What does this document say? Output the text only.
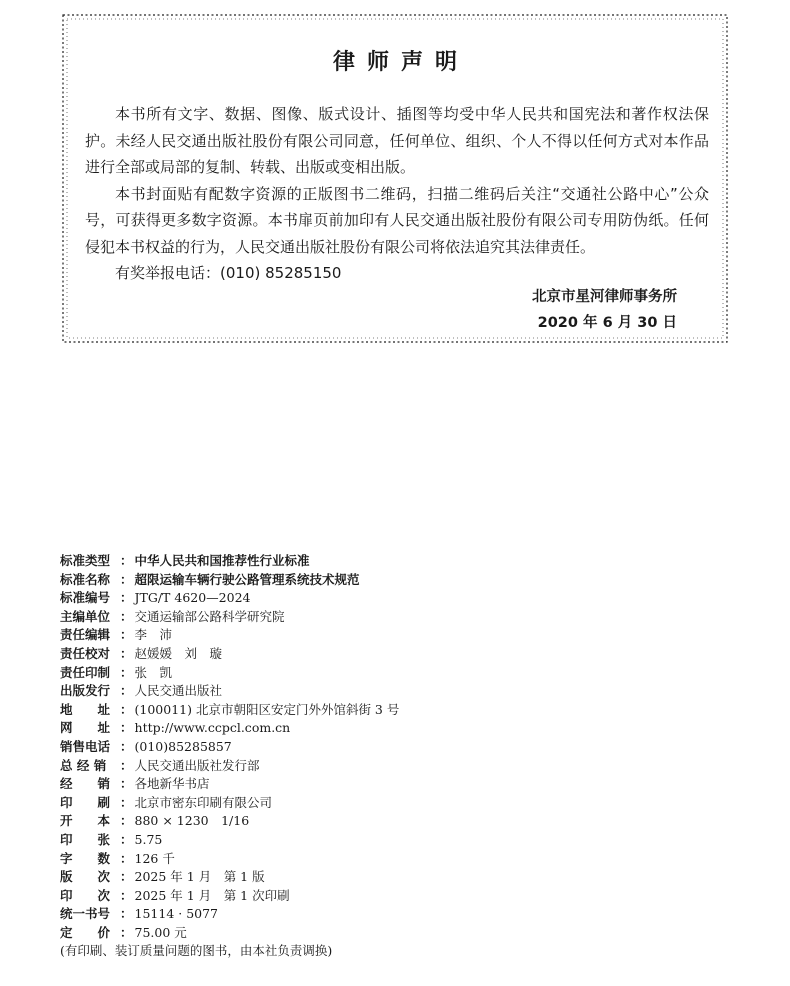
律师声明

本书所有文字、数据、图像、版式设计、插图等均受中华人民共和国宪法和著作权法保护。未经人民交通出版社股份有限公司同意，任何单位、组织、个人不得以任何方式对本作品进行全部或局部的复制、转载、出版或变相出版。

本书封面贴有配数字资源的正版图书二维码，扫描二维码后关注“交通社公路中心”公众号，可获得更多数字资源。本书扉页前加印有人民交通出版社股份有限公司专用防伪纸。任何侵犯本书权益的行为，人民交通出版社股份有限公司将依法追究其法律责任。

有奖举报电话：(010) 85285150

北京市星河律师事务所
2020 年 6 月 30 日
标准类型 ： 中华人民共和国推荐性行业标准
标准名称 ： 超限运输车辆行驶公路管理系统技术规范
标准编号 ： JTG/T 4620—2024
主编单位 ： 交通运输部公路科学研究院
责任编辑 ： 李　沛
责任校对 ： 赵媛媛　刘　璇
责任印制 ： 张　凯
出版发行 ： 人民交通出版社
地　　址 ： (100011) 北京市朝阳区安定门外外馆斜街 3 号
网　　址 ： http://www.ccpcl.com.cn
销售电话 ： (010)85285857
总 经 销	： 人民交通出版社发行部
经　　销 ： 各地新华书店
印　　刷 ： 北京市密东印刷有限公司
开　　本 ： 880 × 1230　1/16
印　　张 ： 5.75
字　　数 ： 126 千
版　　次 ： 2025 年 1 月　第 1 版
印　　次 ： 2025 年 1 月　第 1 次印刷
统一书号 ： 15114 · 5077
定　　价 ： 75.00 元
(有印刷、装订质量问题的图书，由本社负责调换)
